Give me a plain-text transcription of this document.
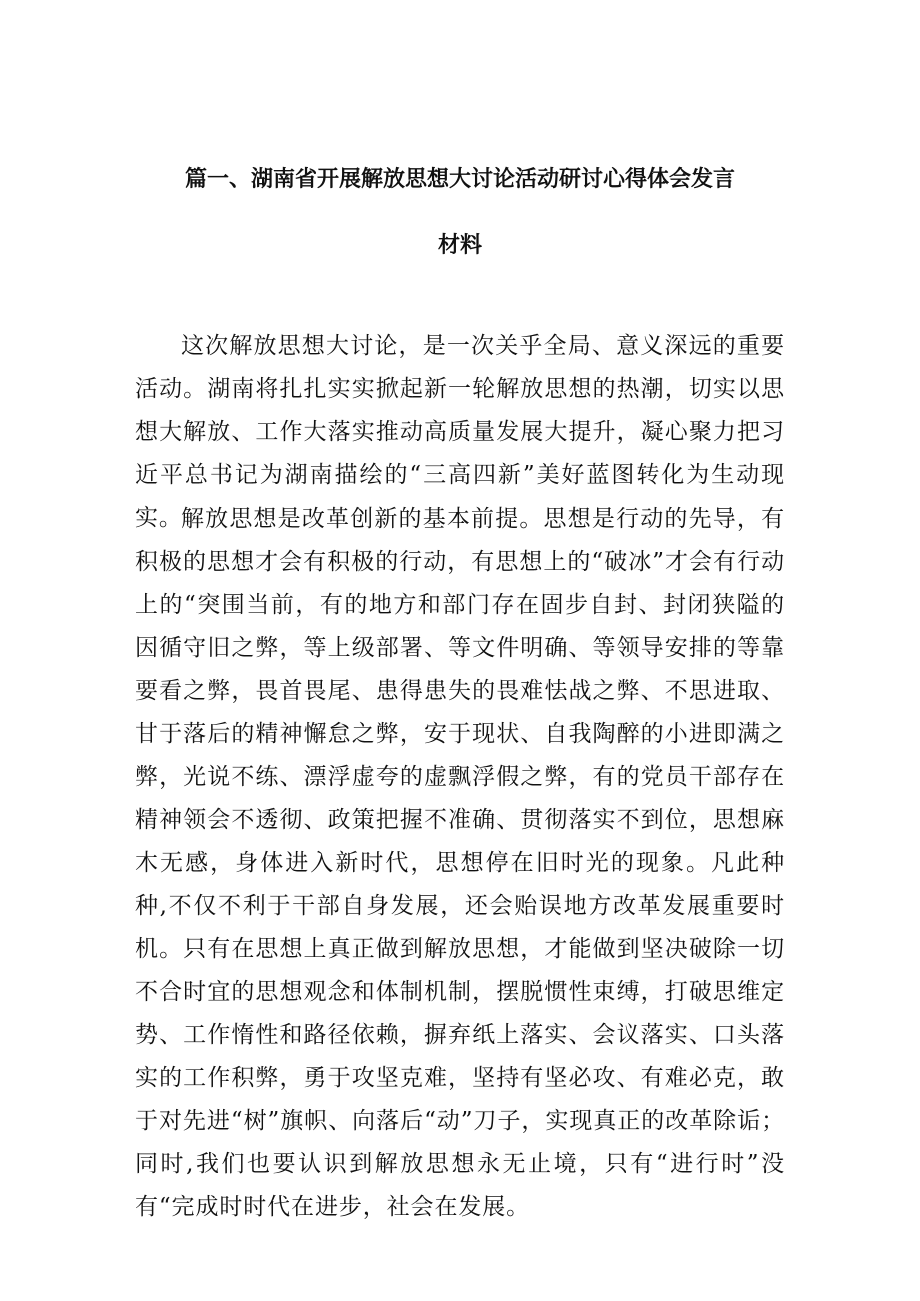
篇一、湖南省开展解放思想大讨论活动研讨心得体会发言
材料

这次解放思想大讨论，是一次关乎全局、意义深远的重要活动。湖南将扎扎实实掀起新一轮解放思想的热潮，切实以思想大解放、工作大落实推动高质量发展大提升，凝心聚力把习近平总书记为湖南描绘的“三高四新”美好蓝图转化为生动现实。

解放思想是改革创新的基本前提。思想是行动的先导，有积极的思想才会有积极的行动，有思想上的“破冰”才会有行动上的“突围当前，有的地方和部门存在固步自封、封闭狭隘的因循守旧之弊，等上级部署、等文件明确、等领导安排的等靠要看之弊，畏首畏尾、患得患失的畏难怯战之弊、不思进取、甘于落后的精神懈怠之弊，安于现状、自我陶醉的小进即满之弊，光说不练、漂浮虚夸的虚飘浮假之弊，有的党员干部存在精神领会不透彻、政策把握不准确、贯彻落实不到位，思想麻木无感，身体进入新时代，思想停在旧时光的现象。凡此种种,不仅不利于干部自身发展，还会贻误地方改革发展重要时机。只有在思想上真正做到解放思想，才能做到坚决破除一切不合时宜的思想观念和体制机制，摆脱惯性束缚，打破思维定势、工作惰性和路径依赖，摒弃纸上落实、会议落实、口头落实的工作积弊，勇于攻坚克难，坚持有坚必攻、有难必克，敢于对先进“树”旗帜、向落后“动”刀子，实现真正的改革除诟；同时,我们也要认识到解放思想永无止境，只有“进行时”没有“完成时时代在进步，社会在发展。
